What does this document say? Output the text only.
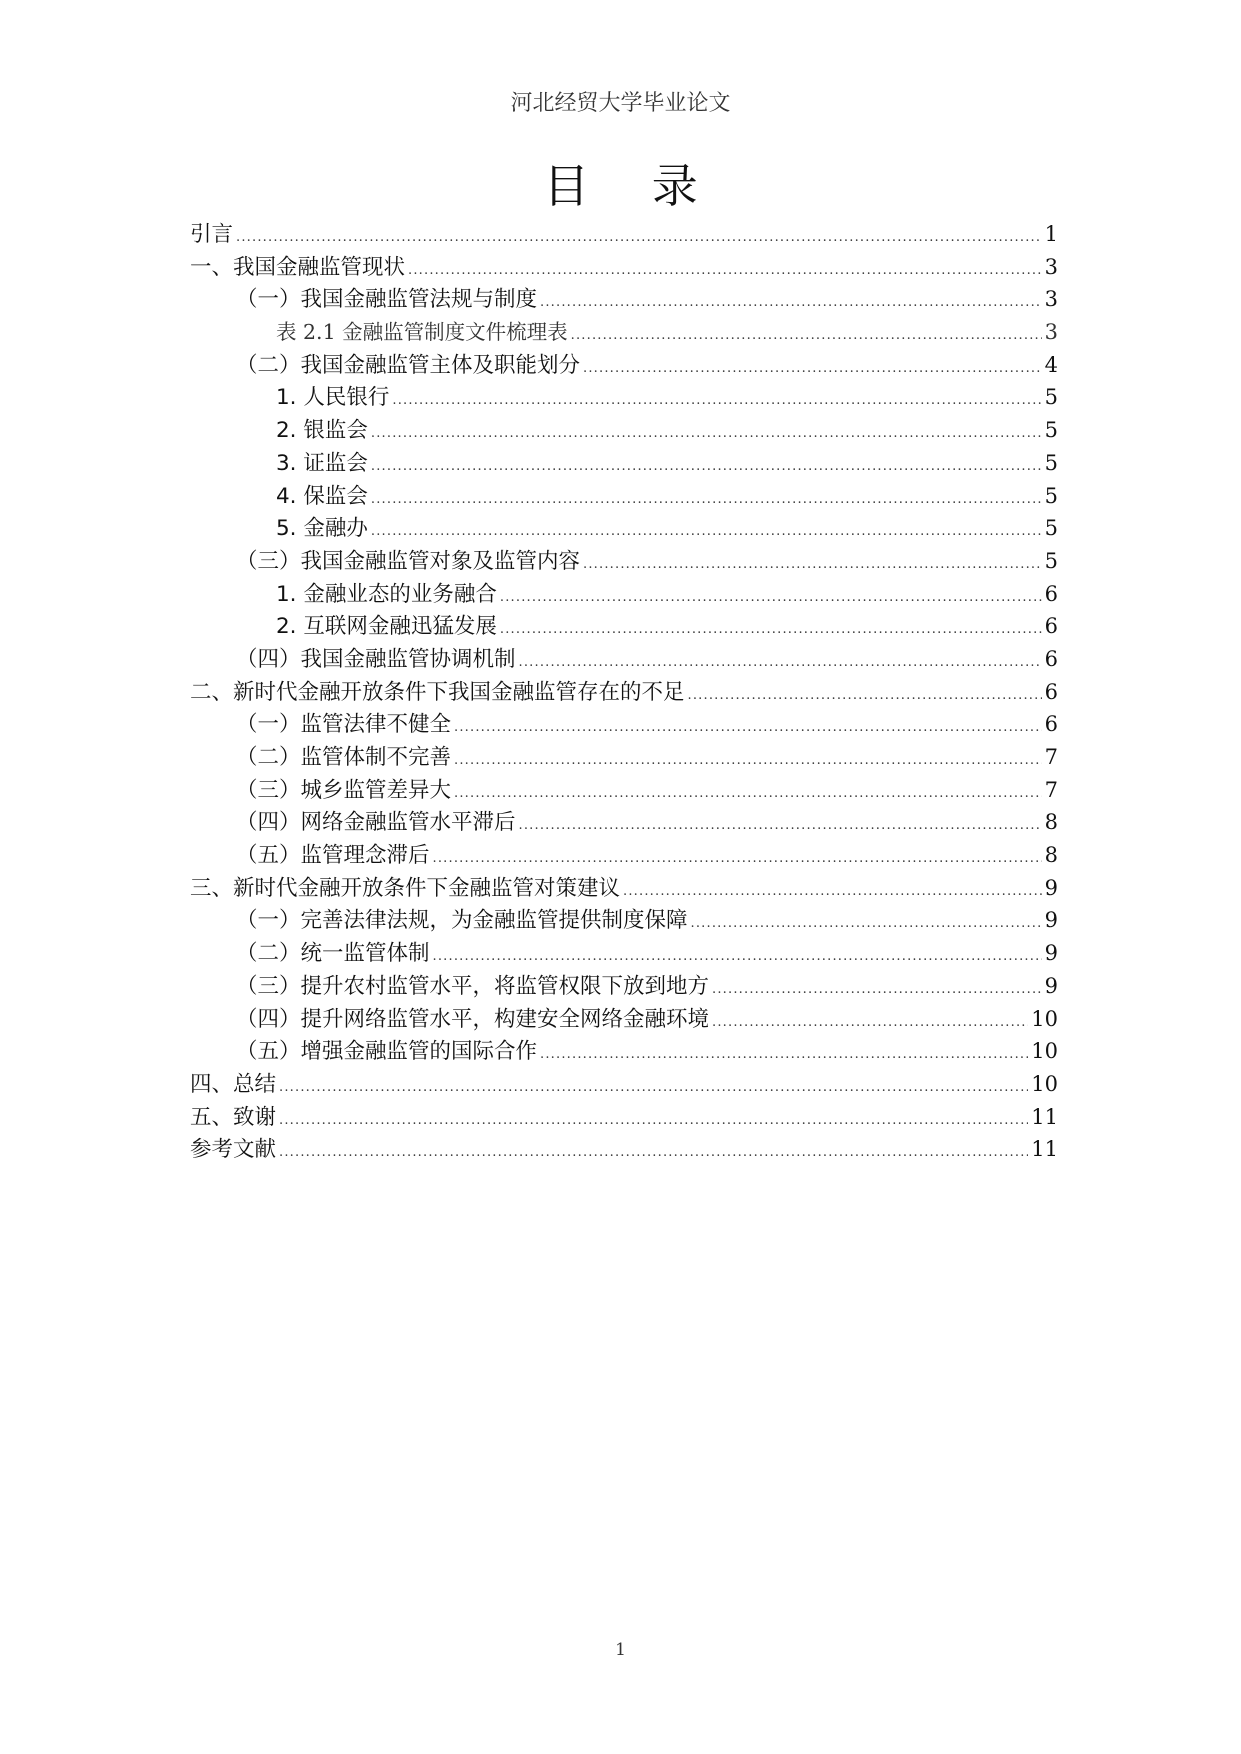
河北经贸大学毕业论文
目 录
引言 .....	1
一、我国金融监管现状 .....	3
（一）我国金融监管法规与制度 .....	3
表 2.1 金融监管制度文件梳理表 .....	3
（二）我国金融监管主体及职能划分 .....	4
1. 人民银行 .....	5
2. 银监会 .....	5
3. 证监会 .....	5
4. 保监会 .....	5
5. 金融办 .....	5
（三）我国金融监管对象及监管内容 .....	5
1. 金融业态的业务融合 .....	6
2. 互联网金融迅猛发展 .....	6
（四）我国金融监管协调机制 .....	6
二、新时代金融开放条件下我国金融监管存在的不足 .....	6
（一）监管法律不健全 .....	6
（二）监管体制不完善 .....	7
（三）城乡监管差异大 .....	7
（四）网络金融监管水平滞后 .....	8
（五）监管理念滞后 .....	8
三、新时代金融开放条件下金融监管对策建议 .....	9
（一）完善法律法规，为金融监管提供制度保障 .....	9
（二）统一监管体制 .....	9
（三）提升农村监管水平，将监管权限下放到地方 .....	9
（四）提升网络监管水平，构建安全网络金融环境 .....	10
（五）增强金融监管的国际合作 .....	10
四、总结 .....	10
五、致谢 .....	11
参考文献 .....	11
1
